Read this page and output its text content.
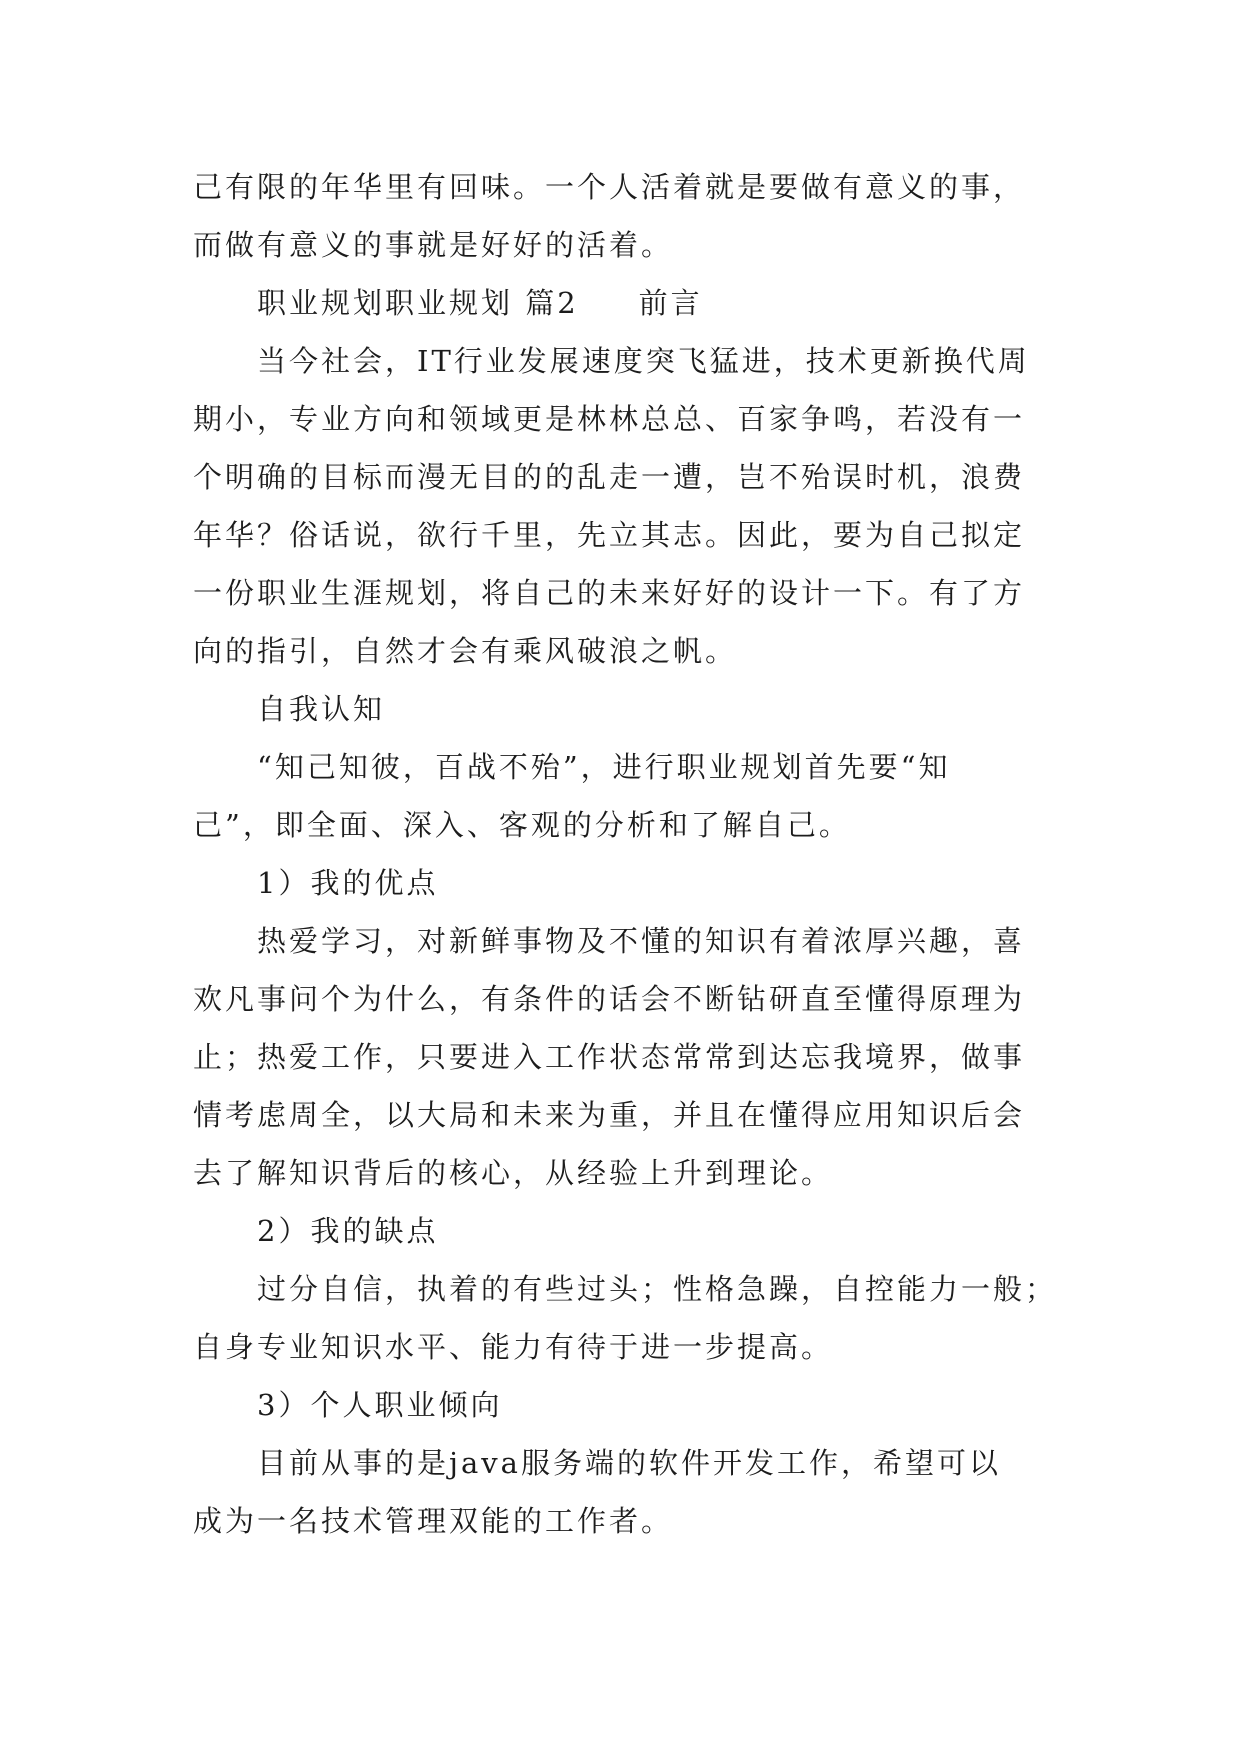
己有限的年华里有回味。一个人活着就是要做有意义的事，
而做有意义的事就是好好的活着。
职业规划职业规划 篇2 前言
当今社会，IT行业发展速度突飞猛进，技术更新换代周
期小，专业方向和领域更是林林总总、百家争鸣，若没有一
个明确的目标而漫无目的的乱走一遭，岂不殆误时机，浪费
年华？俗话说，欲行千里，先立其志。因此，要为自己拟定
一份职业生涯规划，将自己的未来好好的设计一下。有了方
向的指引，自然才会有乘风破浪之帆。
自我认知
“知己知彼，百战不殆”，进行职业规划首先要“知
己”，即全面、深入、客观的分析和了解自己。
1）我的优点
热爱学习，对新鲜事物及不懂的知识有着浓厚兴趣，喜
欢凡事问个为什么，有条件的话会不断钻研直至懂得原理为
止；热爱工作，只要进入工作状态常常到达忘我境界，做事
情考虑周全，以大局和未来为重，并且在懂得应用知识后会
去了解知识背后的核心，从经验上升到理论。
2）我的缺点
过分自信，执着的有些过头；性格急躁，自控能力一般；
自身专业知识水平、能力有待于进一步提高。
3）个人职业倾向
目前从事的是java服务端的软件开发工作，希望可以
成为一名技术管理双能的工作者。
